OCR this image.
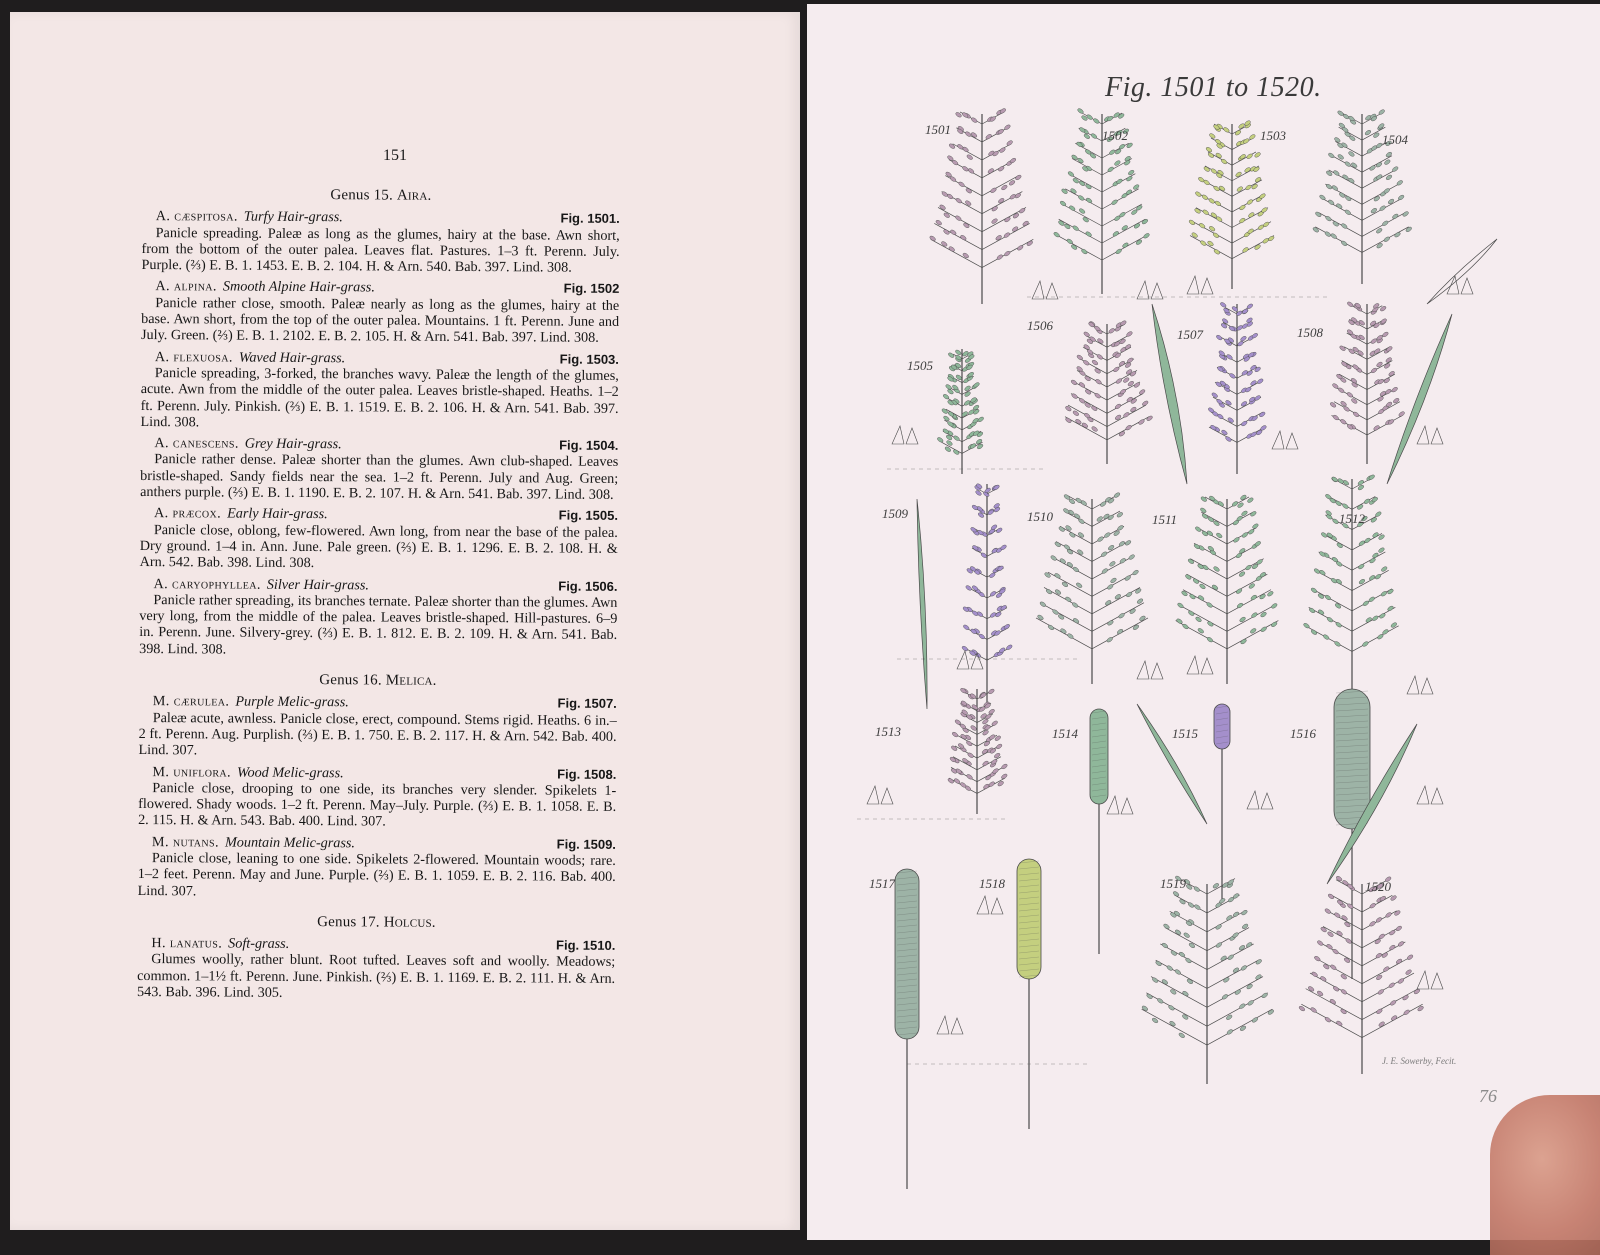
151
Genus 15. Aira.
A. cæspitosa. Turfy Hair-grass.	Fig. 1501.
Panicle spreading. Paleæ as long as the glumes, hairy at the base. Awn short, from the bottom of the outer palea. Leaves flat. Pastures. 1–3 ft. Perenn. July. Purple. (⅔) E. B. 1. 1453. E. B. 2. 104. H. & Arn. 540. Bab. 397. Lind. 308.
A. alpina. Smooth Alpine Hair-grass.	Fig. 1502
Panicle rather close, smooth. Paleæ nearly as long as the glumes, hairy at the base. Awn short, from the top of the outer palea. Mountains. 1 ft. Perenn. June and July. Green. (⅔) E. B. 1. 2102. E. B. 2. 105. H. & Arn. 541. Bab. 397. Lind. 308.
A. flexuosa. Waved Hair-grass.	Fig. 1503.
Panicle spreading, 3-forked, the branches wavy. Paleæ the length of the glumes, acute. Awn from the middle of the outer palea. Leaves bristle-shaped. Heaths. 1–2 ft. Perenn. July. Pinkish. (⅔) E. B. 1. 1519. E. B. 2. 106. H. & Arn. 541. Bab. 397. Lind. 308.
A. canescens. Grey Hair-grass.	Fig. 1504.
Panicle rather dense. Paleæ shorter than the glumes. Awn club-shaped. Leaves bristle-shaped. Sandy fields near the sea. 1–2 ft. Perenn. July and Aug. Green; anthers purple. (⅔) E. B. 1. 1190. E. B. 2. 107. H. & Arn. 541. Bab. 397. Lind. 308.
A. præcox. Early Hair-grass.	Fig. 1505.
Panicle close, oblong, few-flowered. Awn long, from near the base of the palea. Dry ground. 1–4 in. Ann. June. Pale green. (⅔) E. B. 1. 1296. E. B. 2. 108. H. & Arn. 542. Bab. 398. Lind. 308.
A. caryophyllea. Silver Hair-grass.	Fig. 1506.
Panicle rather spreading, its branches ternate. Paleæ shorter than the glumes. Awn very long, from the middle of the palea. Leaves bristle-shaped. Hill-pastures. 6–9 in. Perenn. June. Silvery-grey. (⅔) E. B. 1. 812. E. B. 2. 109. H. & Arn. 541. Bab. 398. Lind. 308.
Genus 16. Melica.
M. cærulea. Purple Melic-grass.	Fig. 1507.
Paleæ acute, awnless. Panicle close, erect, compound. Stems rigid. Heaths. 6 in.–2 ft. Perenn. Aug. Purplish. (⅔) E. B. 1. 750. E. B. 2. 117. H. & Arn. 542. Bab. 400. Lind. 307.
M. uniflora. Wood Melic-grass.	Fig. 1508.
Panicle close, drooping to one side, its branches very slender. Spikelets 1-flowered. Shady woods. 1–2 ft. Perenn. May–July. Purple. (⅔) E. B. 1. 1058. E. B. 2. 115. H. & Arn. 543. Bab. 400. Lind. 307.
M. nutans. Mountain Melic-grass.	Fig. 1509.
Panicle close, leaning to one side. Spikelets 2-flowered. Mountain woods; rare. 1–2 feet. Perenn. May and June. Purple. (⅔) E. B. 1. 1059. E. B. 2. 116. Bab. 400. Lind. 307.
Genus 17. Holcus.
H. lanatus. Soft-grass.	Fig. 1510.
Glumes woolly, rather blunt. Root tufted. Leaves soft and woolly. Meadows; common. 1–1½ ft. Perenn. June. Pinkish. (⅔) E. B. 1. 1169. E. B. 2. 111. H. & Arn. 543. Bab. 396. Lind. 305.
Fig. 1501 to 1520.
1501	1502	1503	1504
1505
1506
1507	1508
1509	1510	1511	1512
1513	1514	1515	1516
1517	1518	1519	1520
J. E. Sowerby, Fecit.
76
